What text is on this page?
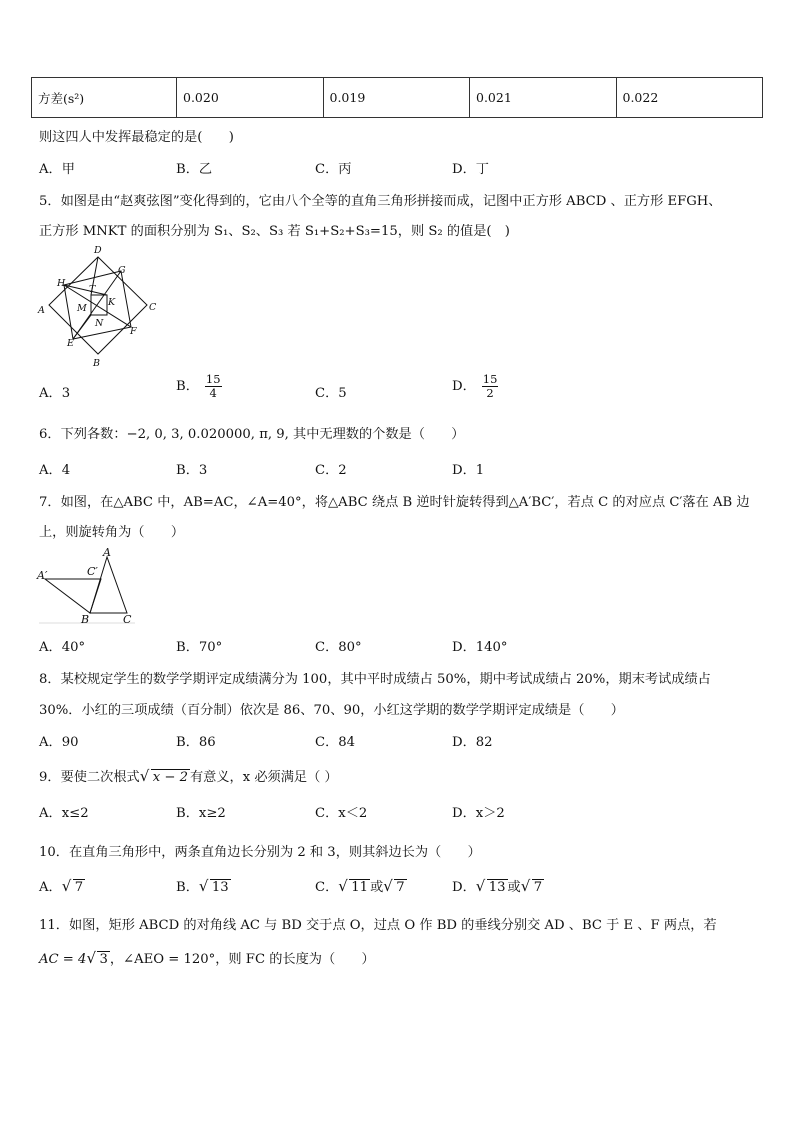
方差(s²)	0.020	0.019	0.021	0.022
则这四人中发挥最稳定的是(　　)
A．甲	B．乙	C．丙	D．丁
5．如图是由“赵爽弦图”变化得到的，它由八个全等的直角三角形拼接而成，记图中正方形 ABCD 、正方形 EFGH、
正方形 MNKT 的面积分别为 S₁、S₂、S₃ 若 S₁+S₂+S₃=15，则 S₂ 的值是(　)
D
H
G
T
K
M
N
A	C
E
F
B
A．3	B． $\frac{15}{4}$	C．5	D． $\frac{15}{2}$
6．下列各数：−2, 0, 3, 0.020000, π, 9, 其中无理数的个数是（　　）
A．4	B．3	C．2	D．1
7．如图，在△ABC 中，AB=AC，∠A=40°，将△ABC 绕点 B 逆时针旋转得到△A′BC′，若点 C 的对应点 C′落在 AB 边
上，则旋转角为（　　）
A
A′	C′
B	C
A．40°	B．70°	C．80°	D．140°
8．某校规定学生的数学学期评定成绩满分为 100，其中平时成绩占 50%，期中考试成绩占 20%，期末考试成绩占
30%．小红的三项成绩（百分制）依次是 86、70、90，小红这学期的数学学期评定成绩是（　　）
A．90	B．86	C．84	D．82
9．要使二次根式 √ x − 2 有意义，x 必须满足（ ）
A．x≤2	B．x≥2	C．x＜2	D．x＞2
10．在直角三角形中，两条直角边长分别为 2 和 3，则其斜边长为（　　）
A． √ 7	B． √ 13	C． √ 11 或 √ 7	D． √ 13 或 √ 7
11．如图，矩形 ABCD 的对角线 AC 与 BD 交于点 O，过点 O 作 BD 的垂线分别交 AD 、BC 于 E 、F 两点，若
AC = 4 √ 3 ，∠AEO = 120°，则 FC 的长度为（　　）
